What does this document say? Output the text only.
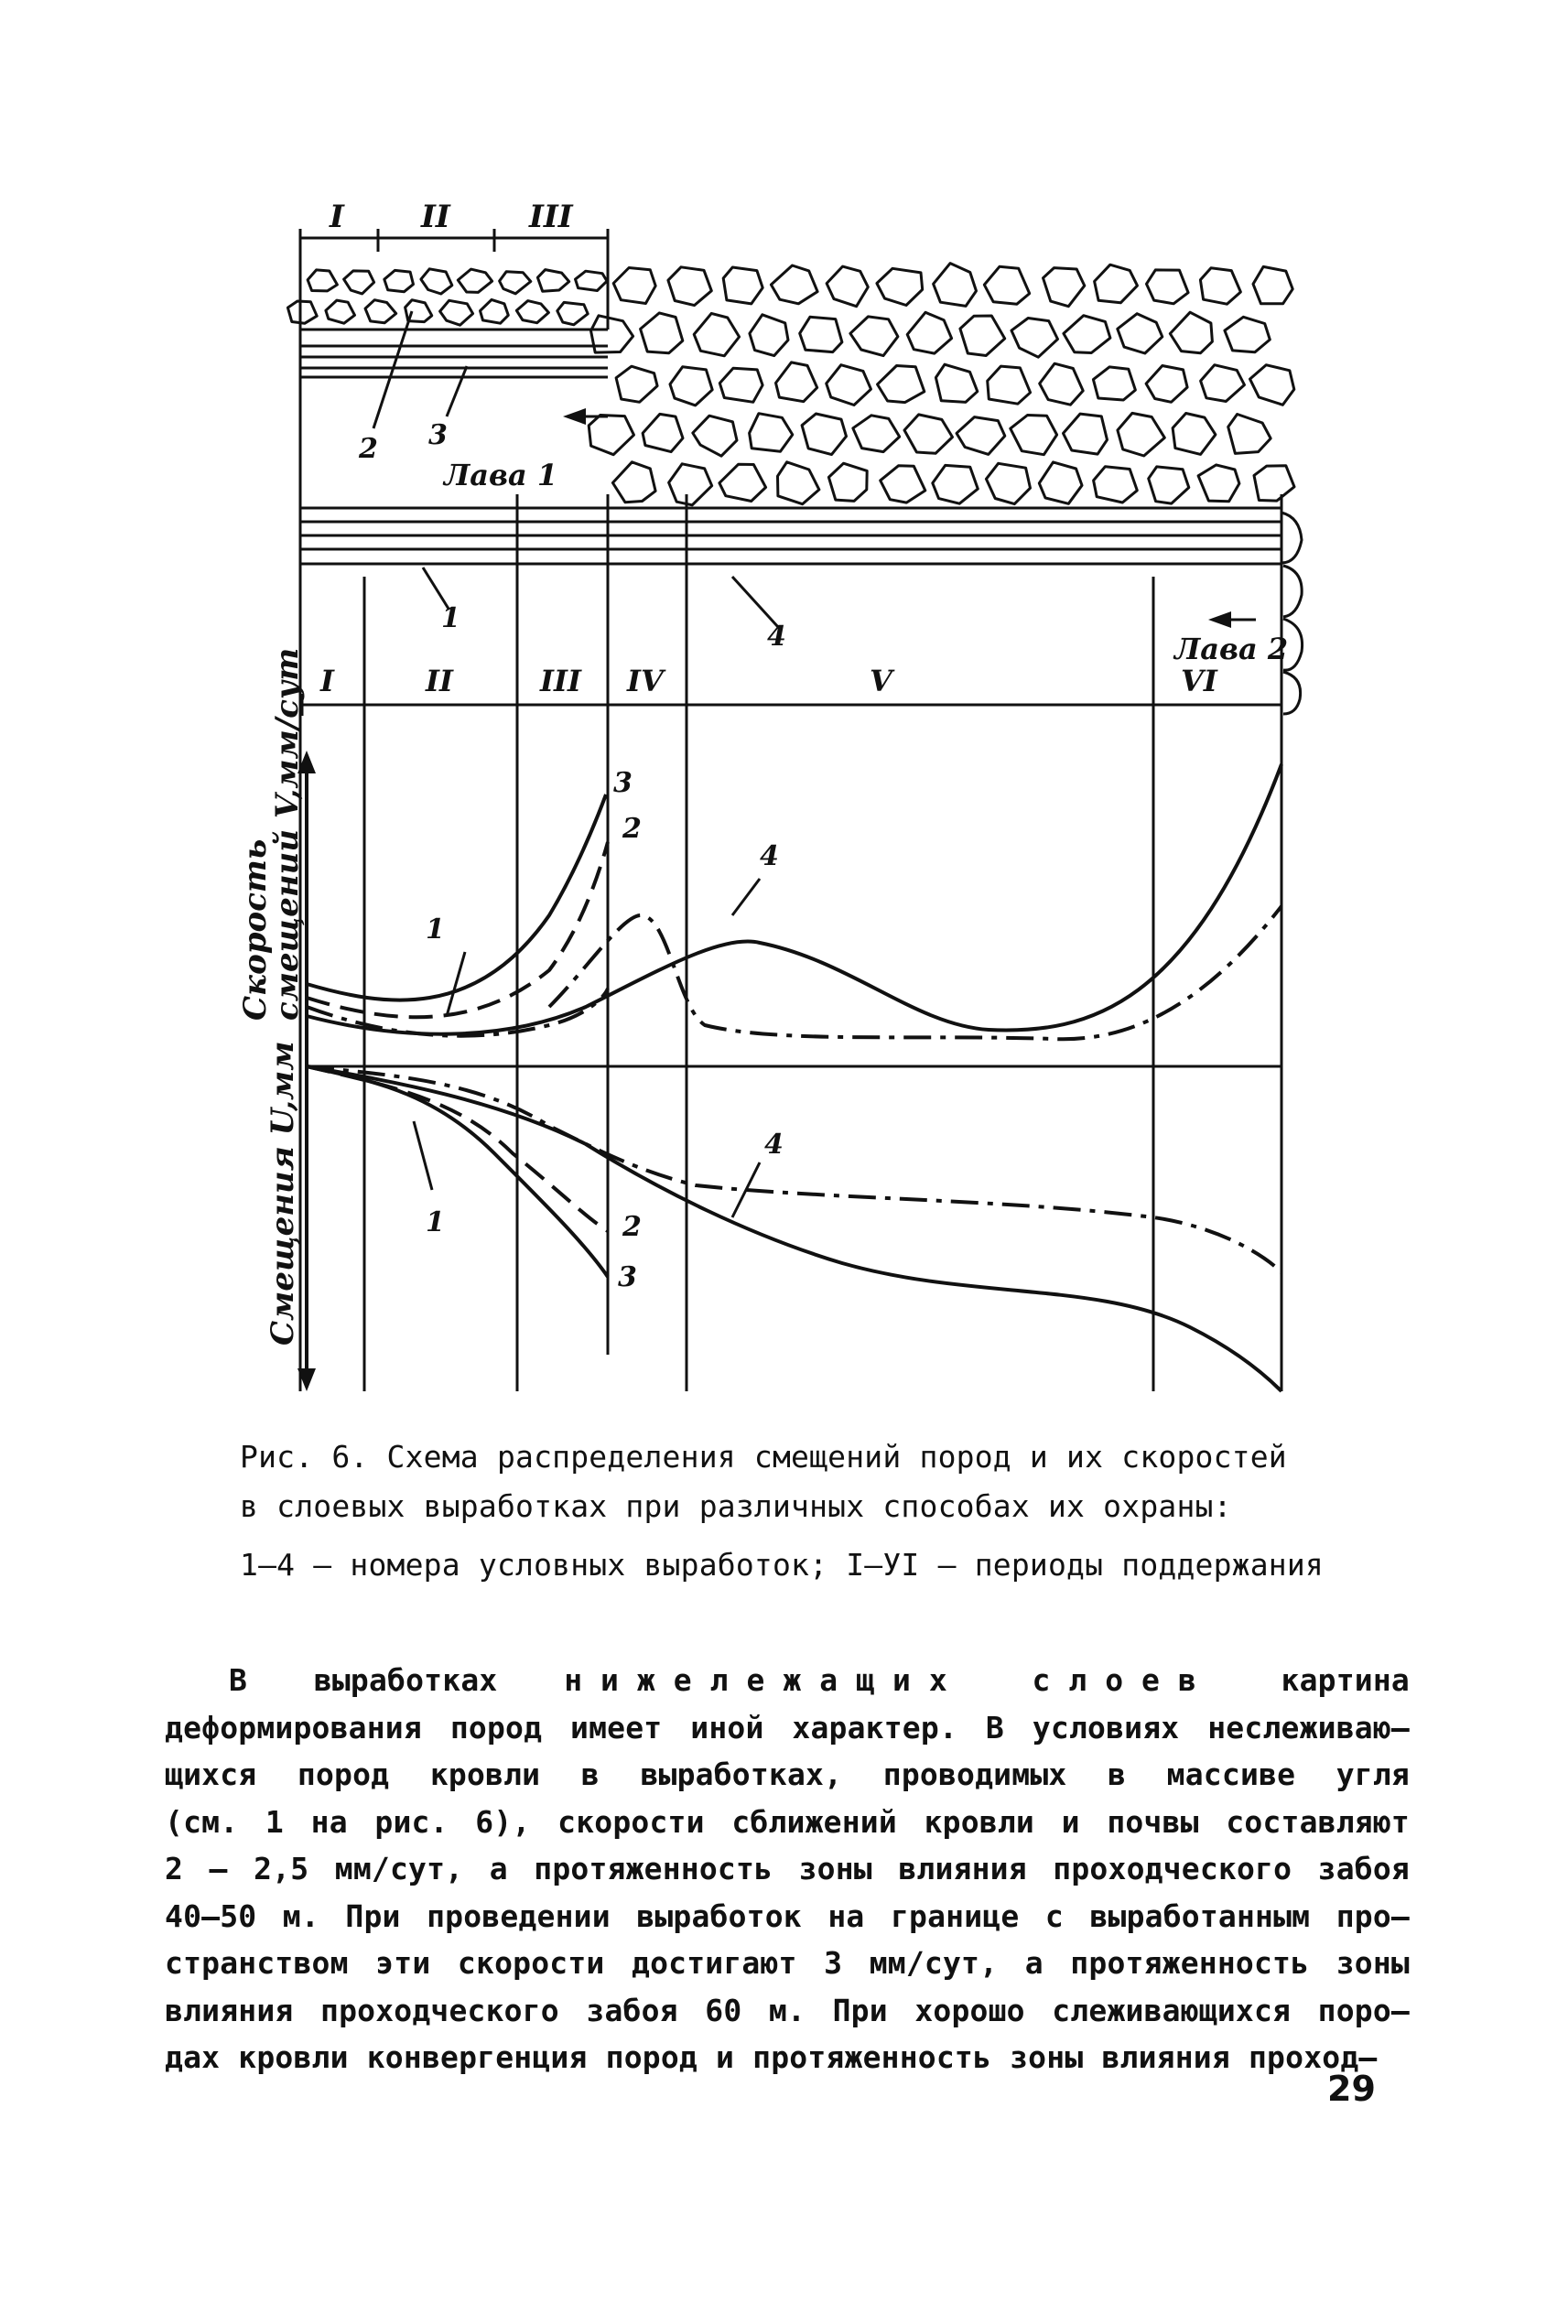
I II	III
Лава 1
Лава 2
2 3
1
4
I	II	III IV	V	VI
3
2
1
4
1	2
3
4
Скорость
смещений V,мм/сут
Смещения U,мм
Рис. 6. Схема распределения смещений пород и их скоростей
в слоевых выработках при различных способах их охраны:
1–4 – номера условных выработок; I–УI – периоды поддержания
В выработках нижележащих слоев картина
деформирования пород имеет иной характер. В условиях неслеживаю–
щихся пород кровли в выработках, проводимых в массиве угля
(см. 1 на рис. 6), скорости сближений кровли и почвы составляют
2 – 2,5 мм/сут, а протяженность зоны влияния проходческого забоя
40–50 м. При проведении выработок на границе с выработанным про–
странством эти скорости достигают 3 мм/сут, а протяженность зоны
влияния проходческого забоя 60 м. При хорошо слеживающихся поро–
дах кровли конвергенция пород и протяженность зоны влияния проход–
29
